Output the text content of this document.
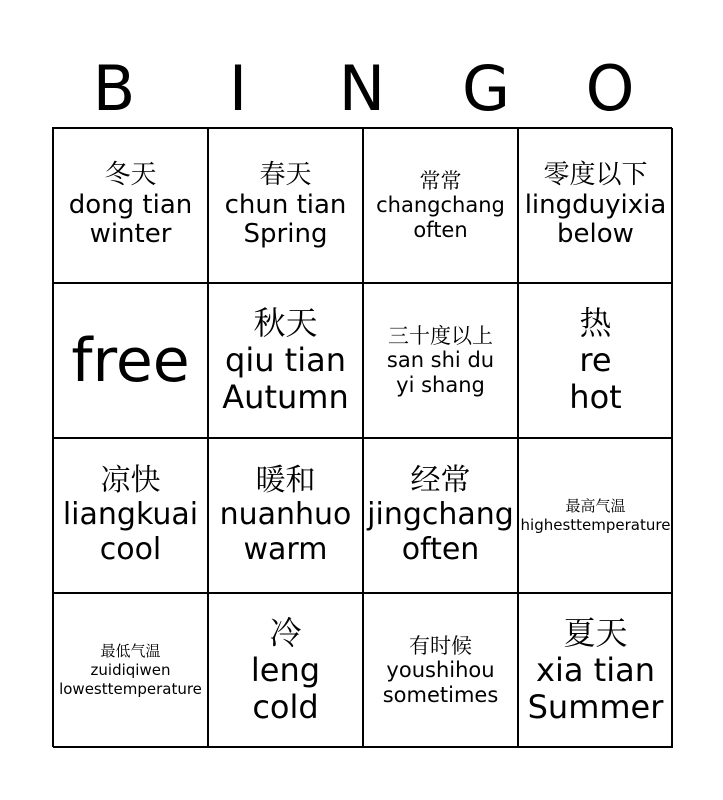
B	I	N	G	O
冬天
dong tian
winter
春天
chun tian
Spring
常常
changchang
often
零度以下
lingduyixia
below
free
秋天
qiu tian
Autumn
三十度以上
san shi du
yi shang
热
re
hot
凉快
liangkuai
cool
暖和
nuanhuo
warm
经常
jingchang
often
最高气温
highesttemperature
最低气温
zuidiqiwen
lowesttemperature
冷
leng
cold
有时候
youshihou
sometimes
夏天
xia tian
Summer
